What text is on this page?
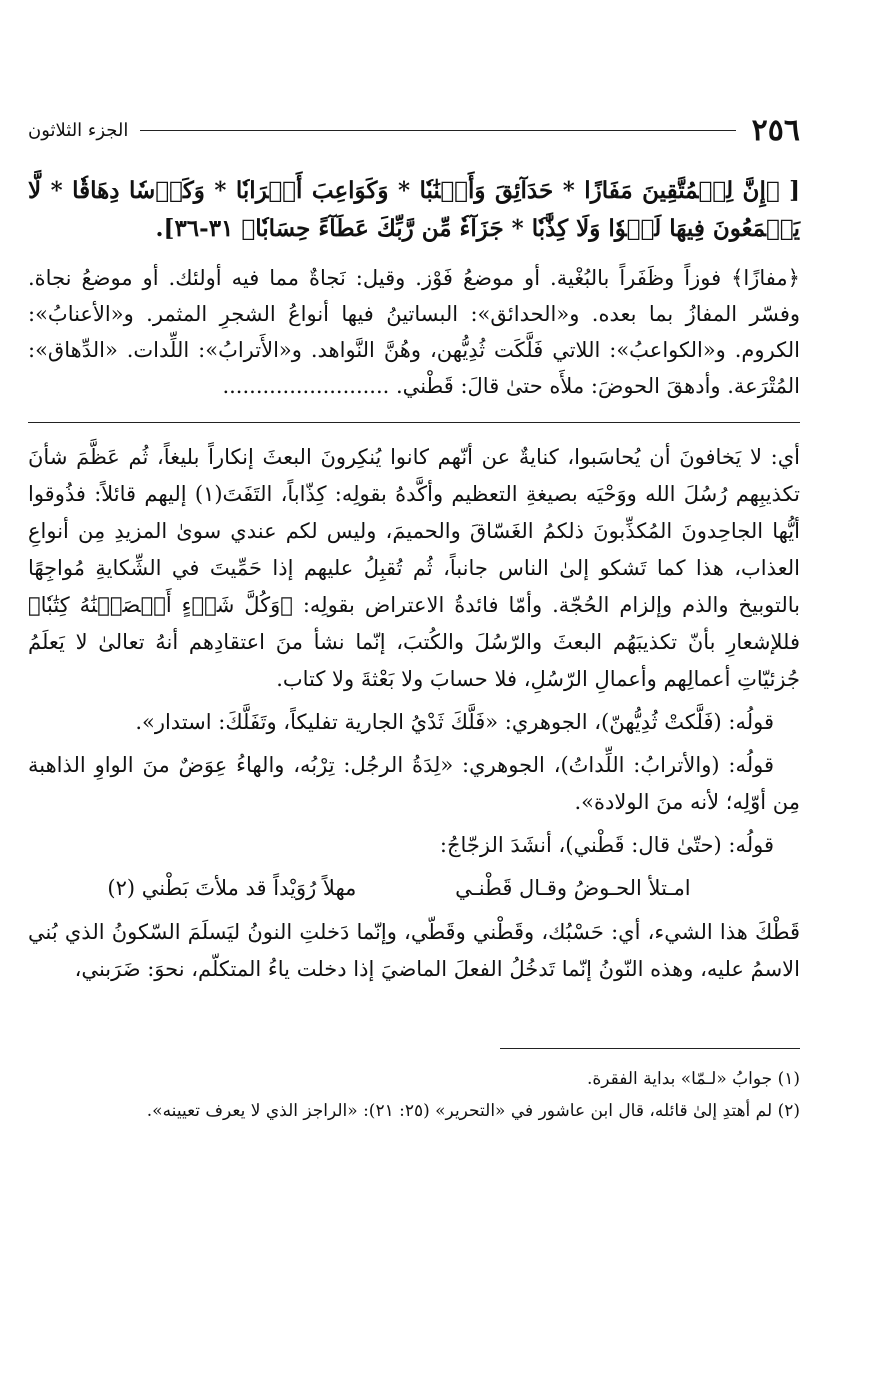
٢٥٦
الجزء الثلاثون
[ ﴿إِنَّ لِلۡمُتَّقِينَ مَفَازًا * حَدَآئِقَ وَأَعۡنَٰبٗا * وَكَوَاعِبَ أَتۡرَابٗا * وَكَأۡسٗا دِهَاقٗا * لَّا يَسۡمَعُونَ فِيهَا لَغۡوٗا وَلَا كِذَّٰبٗا * جَزَآءٗ مِّن رَّبِّكَ عَطَآءً حِسَابٗا﴾ ٣١-٣٦].
﴿مفازًا﴾ فوزاً وظَفَراً بالبُغْية. أو موضعُ فَوْز. وقيل: نَجاةٌ مما فيه أولئك. أو موضعُ نجاة. وفسّر المفازُ بما بعده. و«الحدائق»: البساتينُ فيها أنواعُ الشجرِ المثمر. و«الأعنابُ»: الكروم. و«الكواعبُ»: اللاتي فَلَّكَت ثُدِيُّهن، وهُنَّ النَّواهد. و«الأَترابُ»: اللِّدات. «الدِّهاق»: المُتْرَعة. وأدهقَ الحوضَ: ملأَه حتىٰ قالَ: قَطْني. .........................

أي: لا يَخافونَ أن يُحاسَبوا، كنايةٌ عن أنّهم كانوا يُنكِرونَ البعثَ إنكاراً بليغاً، ثُم عَظَّمَ شأنَ تكذيبِهم رُسُلَ الله ووَحْيَه بصيغةِ التعظيم وأكَّدهُ بقولِه: كِذّاباً، التَفَتَ(١) إليهم قائلاً: فذُوقوا أيُّها الجاحِدونَ المُكذِّبونَ ذلكمُ الغَسّاقَ والحميمَ، وليس لكم عندي سوىٰ المزيدِ مِن أنواعِ العذاب، هذا كما تَشكو إلىٰ الناس جانباً، ثُم تُقبِلُ عليهم إذا حَمِّيتَ في الشِّكايةِ مُواجِهًا بالتوبيخ والذم وإلزام الحُجّة. وأمّا فائدةُ الاعتراض بقولِه: ﴿وَكُلَّ شَيۡءٍ أَحۡصَيۡنَٰهُ كِتَٰبٗا﴾ فللإشعارِ بأنّ تكذيبَهُم البعثَ والرّسُلَ والكُتبَ، إنّما نشأ منَ اعتقادِهم أنهُ تعالىٰ لا يَعلَمُ جُزئيّاتِ أعمالِهم وأعمالِ الرّسُلِ، فلا حسابَ ولا بَعْثةَ ولا كتاب.

قولُه: (فَلَّكتْ ثُدِيُّهنّ)، الجوهري: «فَلَّكَ ثَدْيُ الجارية تفليكاً، وتَفَلَّكَ: استدار».

قولُه: (والأترابُ: اللِّداتُ)، الجوهري: «لِدَةُ الرجُل: تِرْبُه، والهاءُ عِوَضٌ منَ الواوِ الذاهبة مِن أوّلِه؛ لأنه منَ الولادة».

قولُه: (حتّىٰ قال: قَطْني)، أنشَدَ الزجّاجُ:

امـتلأ الحـوضُ وقـال قَطْنـي
مهلاً رُوَيْداً قد ملأتَ بَطْني (٢)

قَطْكَ هذا الشيء، أي: حَسْبُك، وقَطْني وقَطّي، وإنّما دَخلتِ النونُ ليَسلَمَ السّكونُ الذي بُني الاسمُ عليه، وهذه النّونُ إنّما تَدخُلُ الفعلَ الماضيَ إذا دخلت ياءُ المتكلّم، نحوَ: ضَرَبني،

(١) جوابُ «لـمّا» بداية الفقرة.

(٢) لم أهتدِ إلىٰ قائله، قال ابن عاشور في «التحرير» (٢٥: ٢١): «الراجز الذي لا يعرف تعيينه».
